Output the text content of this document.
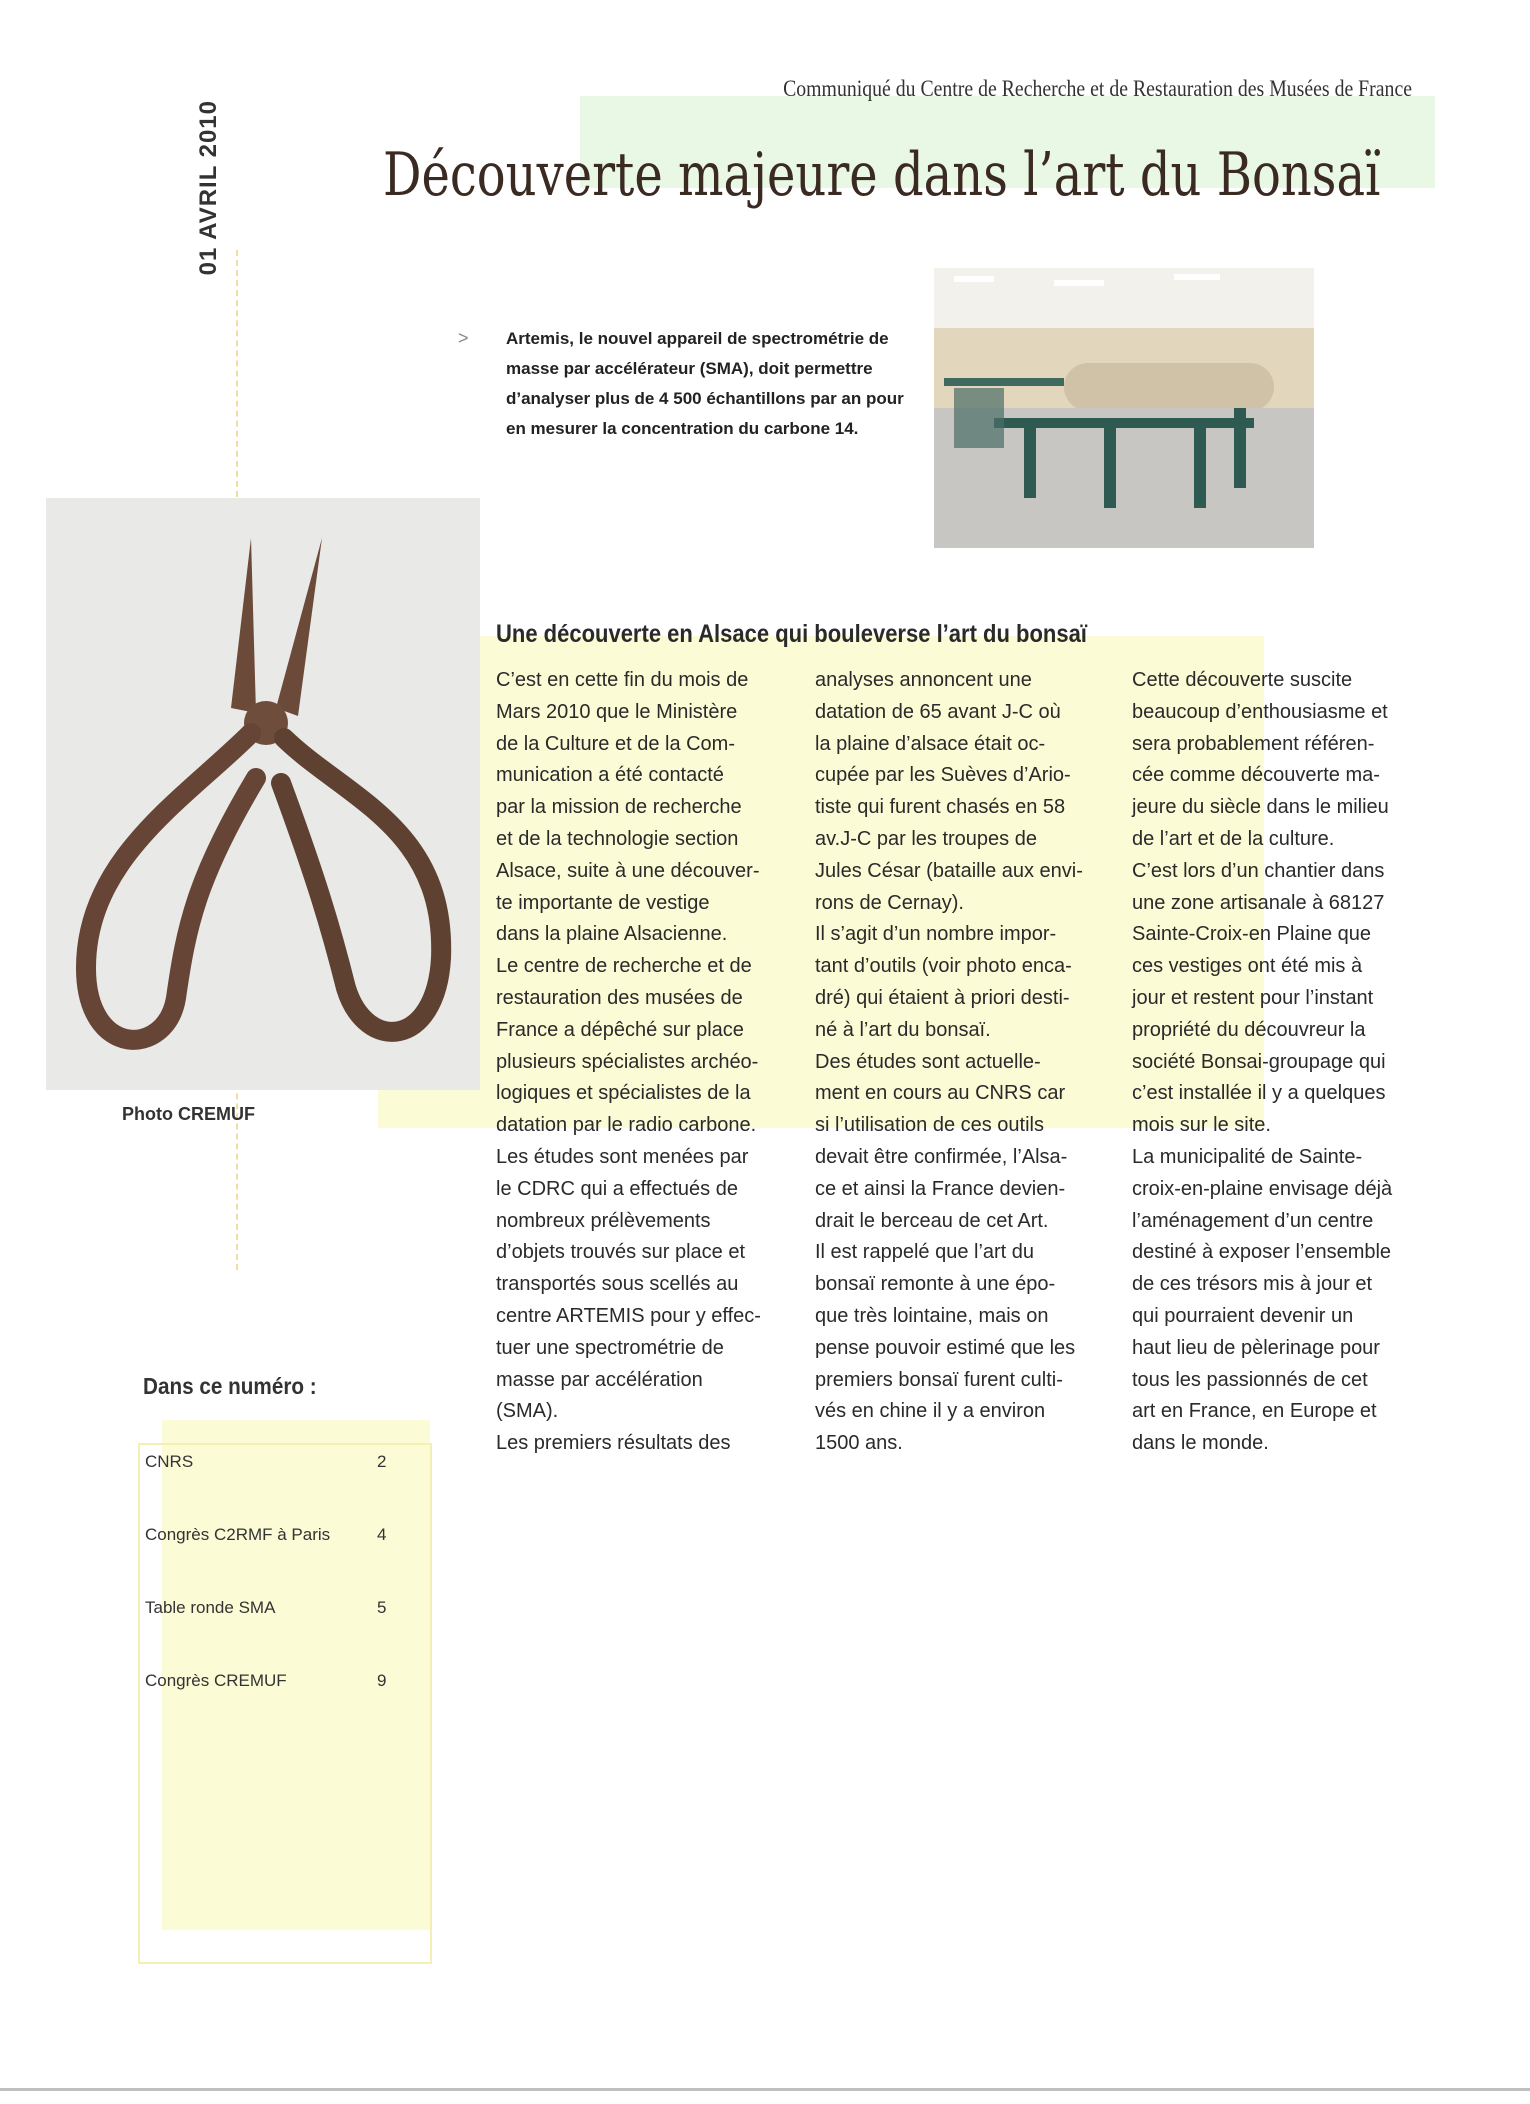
Communiqué du Centre de Recherche et de Restauration des Musées de France
Découverte majeure dans l’art du Bonsaï
01 AVRIL 2010
> Artemis, le nouvel appareil de spectrométrie de masse par accélérateur (SMA), doit permettre d’analyser plus de 4 500 échantillons par an pour en mesurer la concentration du carbone 14.
Photo CREMUF
Une découverte en Alsace qui bouleverse l’art du bonsaï

C’est en cette fin du mois de

Mars 2010 que le Ministère

de la Culture et de la Com-

munication a été contacté

par la mission de recherche

et de la technologie section

Alsace, suite à une découver-

te importante de vestige

dans la plaine Alsacienne.

Le centre de recherche et de

restauration des musées de

France a dépêché sur place

plusieurs spécialistes archéo-

logiques et spécialistes de la

datation par le radio carbone.

Les études sont menées par

le CDRC qui a effectués de

nombreux prélèvements

d’objets trouvés sur place et

transportés sous scellés au

centre ARTEMIS pour y effec-

tuer une spectrométrie de

masse par accélération

(SMA).

Les premiers résultats des

analyses annoncent une

datation de 65 avant J-C où

la plaine d’alsace était oc-

cupée par les Suèves d’Ario-

tiste qui furent chasés en 58

av.J-C par les troupes de

Jules César (bataille aux envi-

rons de Cernay).

Il s’agit d’un nombre impor-

tant d’outils (voir photo enca-

dré) qui étaient à priori desti-

né à l’art du bonsaï.

Des études sont actuelle-

ment en cours au CNRS car

si l’utilisation de ces outils

devait être confirmée, l’Alsa-

ce et ainsi la France devien-

drait le berceau de cet Art.

Il est rappelé que l’art du

bonsaï remonte à une épo-

que très lointaine, mais on

pense pouvoir estimé que les

premiers bonsaï furent culti-

vés en chine il y a environ

1500 ans.

Cette découverte suscite

beaucoup d’enthousiasme et

sera probablement référen-

cée comme découverte ma-

jeure du siècle dans le milieu

de l’art et de la culture.

C’est lors d’un chantier dans

une zone artisanale à 68127

Sainte-Croix-en Plaine que

ces vestiges ont été mis à

jour et restent pour l’instant

propriété du découvreur la

société Bonsai-groupage qui

c’est installée il y a quelques

mois sur le site.

La municipalité de Sainte-

croix-en-plaine envisage déjà

l’aménagement d’un centre

destiné à exposer l’ensemble

de ces trésors mis à jour et

qui pourraient devenir un

haut lieu de pèlerinage pour

tous les passionnés de cet

art en France, en Europe et

dans le monde.

Dans ce numéro :
CNRS	2
Congrès C2RMF à Paris	4
Table ronde SMA	5
Congrès CREMUF	9
